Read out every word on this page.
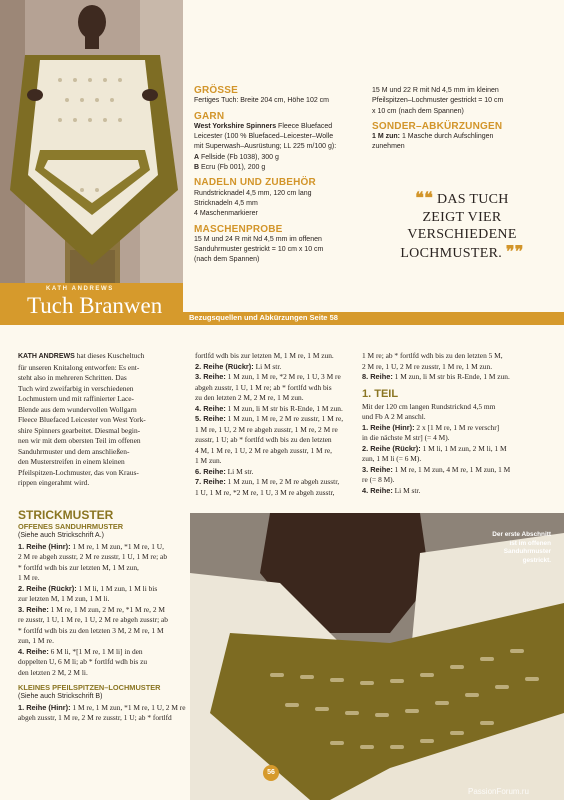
KATH ANDREWS
Tuch Branwen	Bezugsquellen und Abkürzungen Seite 58
GRÖSSE

Fertiges Tuch: Breite 204 cm, Höhe 102 cm

GARN

West Yorkshire Spinners Fleece Bluefaced

Leicester (100 % Bluefaced–Leicester–Wolle

mit Superwash–Ausrüstung; LL 225 m/100 g):

A Fellside (Fb 1038), 300 g

B Ecru (Fb 001), 200 g

NADELN UND ZUBEHÖR

Rundstricknadel 4,5 mm, 120 cm lang

Stricknadeln 4,5 mm

4 Maschenmarkierer

MASCHENPROBE

15 M und 24 R mit Nd 4,5 mm im offenen

Sanduhrmuster gestrickt = 10 cm x 10 cm

(nach dem Spannen)

15 M und 22 R mit Nd 4,5 mm im kleinen

Pfeilspitzen–Lochmuster gestrickt = 10 cm

x 10 cm (nach dem Spannen)

SONDER–ABKÜRZUNGEN

1 M zun: 1 Masche durch Aufschlingen

zunehmen

❝❝ DAS TUCH
ZEIGT VIER
VERSCHIEDENE
LOCHMUSTER. ❞❞
KATH ANDREWS hat dieses Kuscheltuch
für unseren Knitalong entworfen: Es ent-
steht also in mehreren Schritten. Das
Tuch wird zweifarbig in verschiedenen
Lochmustern und mit raffinierter Lace-
Blende aus dem wundervollen Wollgarn
Fleece Bluefaced Leicester von West York-
shire Spinners gearbeitet. Diesmal begin-
nen wir mit dem obersten Teil im offenen
Sanduhrmuster und dem anschließen-
den Musterstreifen in einem kleinen
Pfeilspitzen-Lochmuster, das von Kraus-
rippen eingerahmt wird.
STRICKMUSTER
OFFENES SANDUHRMUSTER
(Siehe auch Strickschrift A.)
1. Reihe (Hinr): 1 M re, 1 M zun, *1 M re, 1 U,
2 M re abgeh zusstr, 2 M re zusstr, 1 U, 1 M re; ab
* fortlfd wdh bis zur letzten M, 1 M zun,
1 M re.
2. Reihe (Rückr): 1 M li, 1 M zun, 1 M li bis
zur letzten M, 1 M zun, 1 M li.
3. Reihe: 1 M re, 1 M zun, 2 M re, *1 M re, 2 M
re zusstr, 1 U, 1 M re, 1 U, 2 M re abgeh zusstr; ab
* fortlfd wdh bis zu den letzten 3 M, 2 M re, 1 M
zun, 1 M re.
4. Reihe: 6 M li, *[1 M re, 1 M li] in den
doppelten U, 6 M li; ab * fortlfd wdh bis zu
den letzten 2 M, 2 M li.
KLEINES PFEILSPITZEN–LOCHMUSTER
(Siehe auch Strickschrift B)
1. Reihe (Hinr): 1 M re, 1 M zun, *1 M re, 1 U, 2 M re
abgeh zusstr, 1 M re, 2 M re zusstr, 1 U; ab * fortlfd
fortlfd wdh bis zur letzten M, 1 M re, 1 M zun.
2. Reihe (Rückr): Li M str.
3. Reihe: 1 M zun, 1 M re, *2 M re, 1 U, 3 M re
abgeh zusstr, 1 U, 1 M re; ab * fortlfd wdh bis
zu den letzten 2 M, 2 M re, 1 M zun.
4. Reihe: 1 M zun, li M str bis R-Ende, 1 M zun.
5. Reihe: 1 M zun, 1 M re, 2 M re zusstr, 1 M re,
1 M re, 1 U, 2 M re abgeh zusstr, 1 M re, 2 M re
zusstr, 1 U; ab * fortlfd wdh bis zu den letzten
4 M, 1 M re, 1 U, 2 M re abgeh zusstr, 1 M re,
1 M zun.
6. Reihe: Li M str.
7. Reihe: 1 M zun, 1 M re, 2 M re abgeh zusstr,
1 U, 1 M re, *2 M re, 1 U, 3 M re abgeh zusstr,
1 M re; ab * fortlfd wdh bis zu den letzten 5 M,
2 M re, 1 U, 2 M re zusstr, 1 M re, 1 M zun.
8. Reihe: 1 M zun, li M str bis R-Ende, 1 M zun.
1. TEIL
Mit der 120 cm langen Rundstricknd 4,5 mm
und Fb A 2 M anschl.
1. Reihe (Hinr): 2 x [1 M re, 1 M re verschr]
in die nächste M str] (= 4 M).
2. Reihe (Rückr): 1 M li, 1 M zun, 2 M li, 1 M
zun, 1 M li (= 6 M).
3. Reihe: 1 M re, 1 M zun, 4 M re, 1 M zun, 1 M
re (= 8 M).
4. Reihe: Li M str.
Der erste Abschnitt
ist im offenen
Sanduhrmuster
gestrickt.
56
PassionForum.ru
